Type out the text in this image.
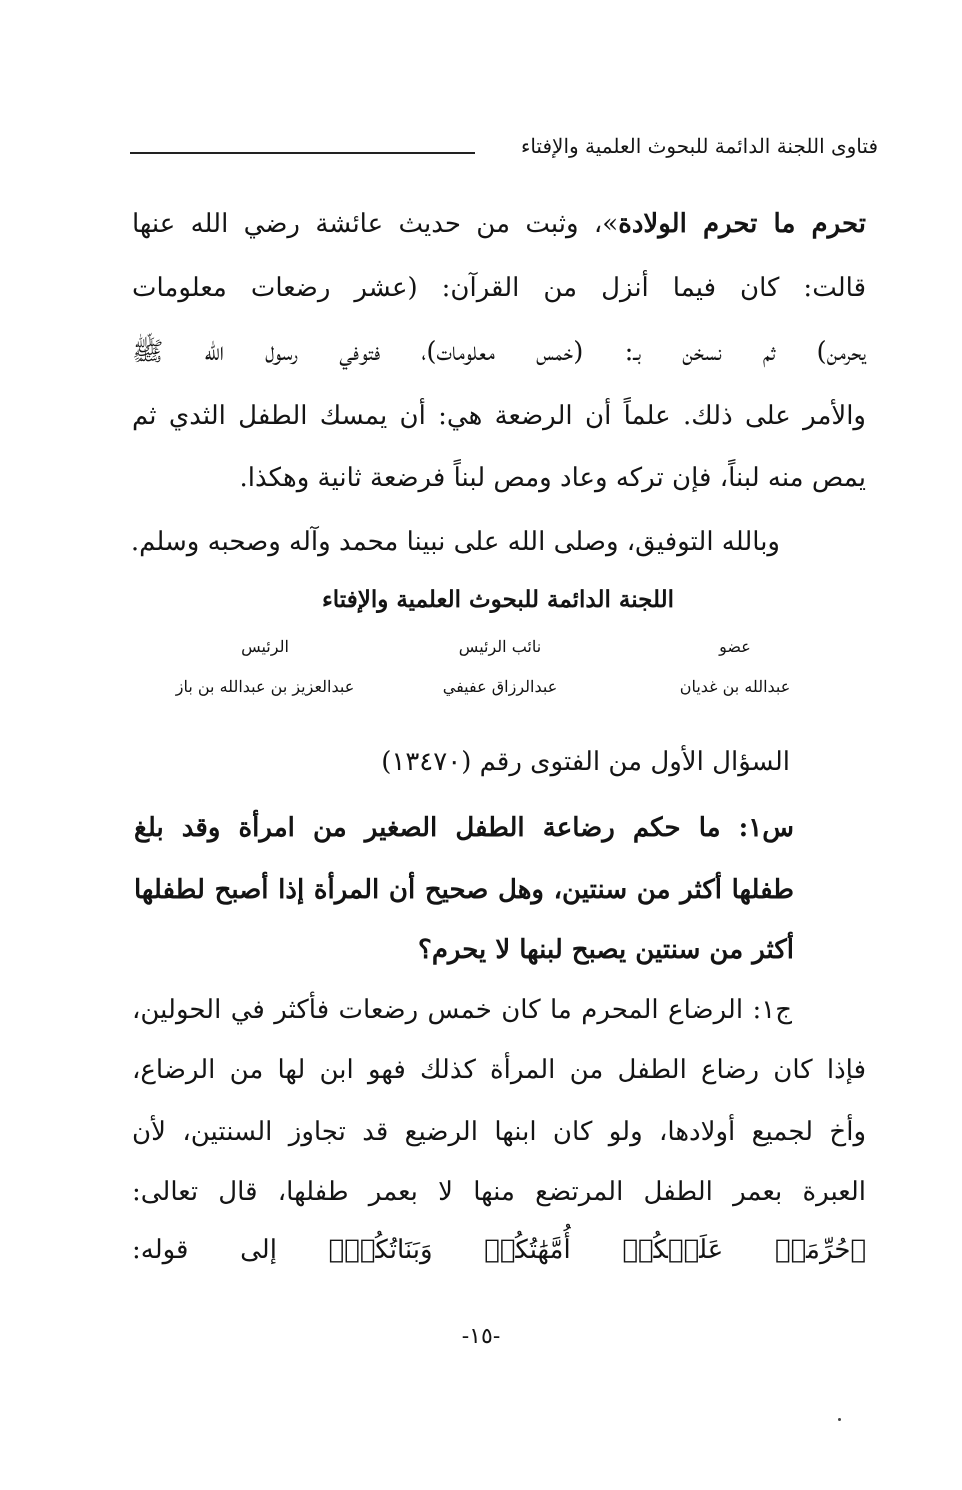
فتاوى اللجنة الدائمة للبحوث العلمية والإفتاء
تحرم ما تحرم الولادة»، وثبت من حديث عائشة رضي الله عنها
قالت: كان فيما أنزل من القرآن: (عشر رضعات معلومات
يحرمن) ثم نسخن بـ: (خمس معلومات)، فتوفي رسول الله ﷺ
والأمر على ذلك. علماً أن الرضعة هي: أن يمسك الطفل الثدي ثم
يمص منه لبناً، فإن تركه وعاد ومص لبناً فرضعة ثانية وهكذا.
وبالله التوفيق، وصلى الله على نبينا محمد وآله وصحبه وسلم.
اللجنة الدائمة للبحوث العلمية والإفتاء
عضو
نائب الرئيس
الرئيس
عبدالله بن غديان
عبدالرزاق عفيفي
عبدالعزيز بن عبدالله بن باز
السؤال الأول من الفتوى رقم (١٣٤٧٠)
س١: ما حكم رضاعة الطفل الصغير من امرأة وقد بلغ
طفلها أكثر من سنتين، وهل صحيح أن المرأة إذا أصبح لطفلها
أكثر من سنتين يصبح لبنها لا يحرم؟
ج١: الرضاع المحرم ما كان خمس رضعات فأكثر في الحولين،
فإذا كان رضاع الطفل من المرأة كذلك فهو ابن لها من الرضاع،
وأخ لجميع أولادها، ولو كان ابنها الرضيع قد تجاوز السنتين، لأن
العبرة بعمر الطفل المرتضع منها لا بعمر طفلها، قال تعالى:
﴿حُرِّمَتۡ عَلَيۡكُمۡ أُمَّهَٰتُكُمۡ وَبَنَاتُكُمۡ﴾ إلى قوله:
-١٥-
